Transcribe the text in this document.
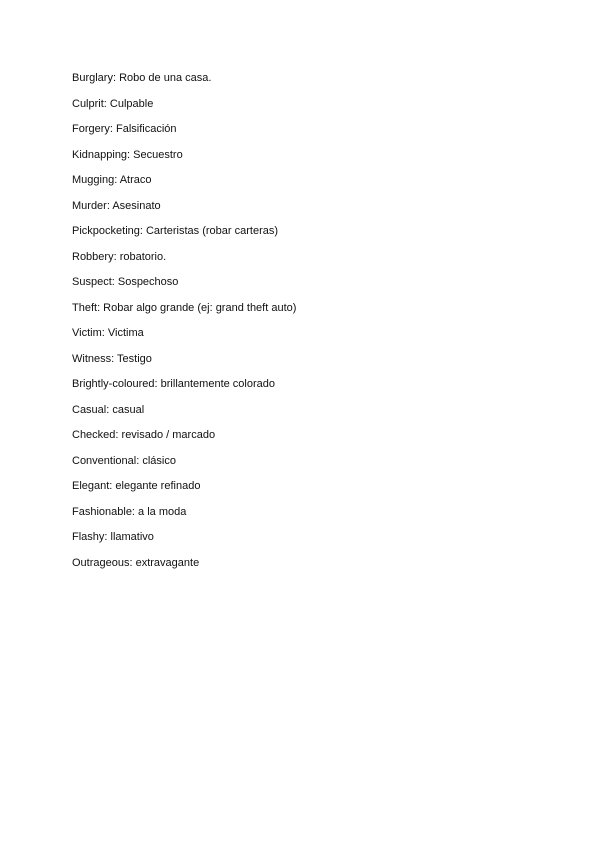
Burglary: Robo de una casa.
Culprit: Culpable
Forgery: Falsificación
Kidnapping: Secuestro
Mugging: Atraco
Murder: Asesinato
Pickpocketing: Carteristas (robar carteras)
Robbery: robatorio.
Suspect: Sospechoso
Theft: Robar algo grande (ej: grand theft auto)
Victim: Victima
Witness: Testigo
Brightly-coloured: brillantemente colorado
Casual: casual
Checked: revisado / marcado
Conventional: clásico
Elegant: elegante refinado
Fashionable: a la moda
Flashy: llamativo
Outrageous: extravagante
